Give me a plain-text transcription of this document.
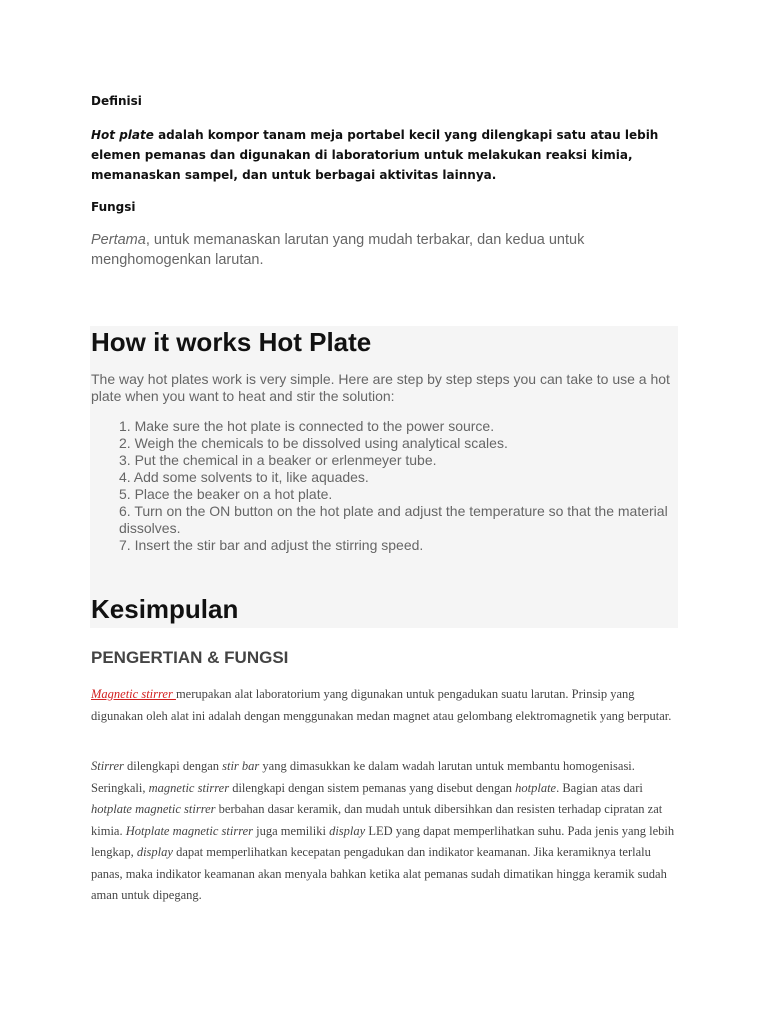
Definisi
Hot plate adalah kompor tanam meja portabel kecil yang dilengkapi satu atau lebih elemen pemanas dan digunakan di laboratorium untuk melakukan reaksi kimia, memanaskan sampel, dan untuk berbagai aktivitas lainnya.
Fungsi
Pertama, untuk memanaskan larutan yang mudah terbakar, dan kedua untuk menghomogenkan larutan.
How it works Hot Plate

The way hot plates work is very simple. Here are step by step steps you can take to use a hot plate when you want to heat and stir the solution:

1. Make sure the hot plate is connected to the power source.
2. Weigh the chemicals to be dissolved using analytical scales.
3. Put the chemical in a beaker or erlenmeyer tube.
4. Add some solvents to it, like aquades.
5. Place the beaker on a hot plate.
6. Turn on the ON button on the hot plate and adjust the temperature so that the material dissolves.
7. Insert the stir bar and adjust the stirring speed.
Kesimpulan
PENGERTIAN & FUNGSI

Magnetic stirrer merupakan alat laboratorium yang digunakan untuk pengadukan suatu larutan. Prinsip yang digunakan oleh alat ini adalah dengan menggunakan medan magnet atau gelombang elektromagnetik yang berputar.

Stirrer dilengkapi dengan stir bar yang dimasukkan ke dalam wadah larutan untuk membantu homogenisasi. Seringkali, magnetic stirrer dilengkapi dengan sistem pemanas yang disebut dengan hotplate. Bagian atas dari hotplate magnetic stirrer berbahan dasar keramik, dan mudah untuk dibersihkan dan resisten terhadap cipratan zat kimia. Hotplate magnetic stirrer juga memiliki display LED yang dapat memperlihatkan suhu. Pada jenis yang lebih lengkap, display dapat memperlihatkan kecepatan pengadukan dan indikator keamanan. Jika keramiknya terlalu panas, maka indikator keamanan akan menyala bahkan ketika alat pemanas sudah dimatikan hingga keramik sudah aman untuk dipegang.
